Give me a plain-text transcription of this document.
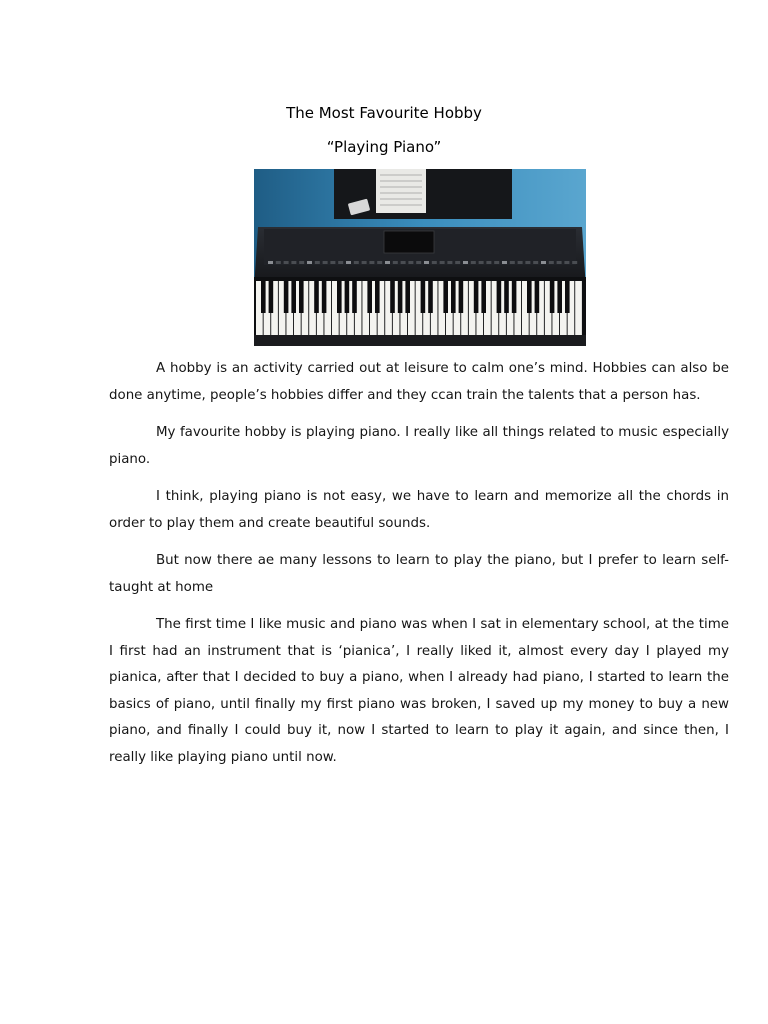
The Most Favourite Hobby
“Playing Piano”

A hobby is an activity carried out at leisure to calm one’s mind. Hobbies can also be done anytime, people’s hobbies differ and they ccan train the talents that a person has.

My favourite hobby is playing piano. I really like all things related to music especially piano.

I think, playing piano is not easy, we have to learn and memorize all the chords in order to play them and create beautiful sounds.

But now there ae many lessons to learn to play the piano, but I prefer to learn self-taught at home

The first time I like music and piano was when I sat in elementary school, at the time I first had an instrument that is ‘pianica’, I really liked it, almost every day I played my pianica, after that I decided to buy a piano, when I already had piano, I started to learn the basics of piano, until finally my first piano was broken, I saved up my money to buy a new piano, and finally I could buy it, now I started to learn to play it again, and since then, I really like playing piano until now.
